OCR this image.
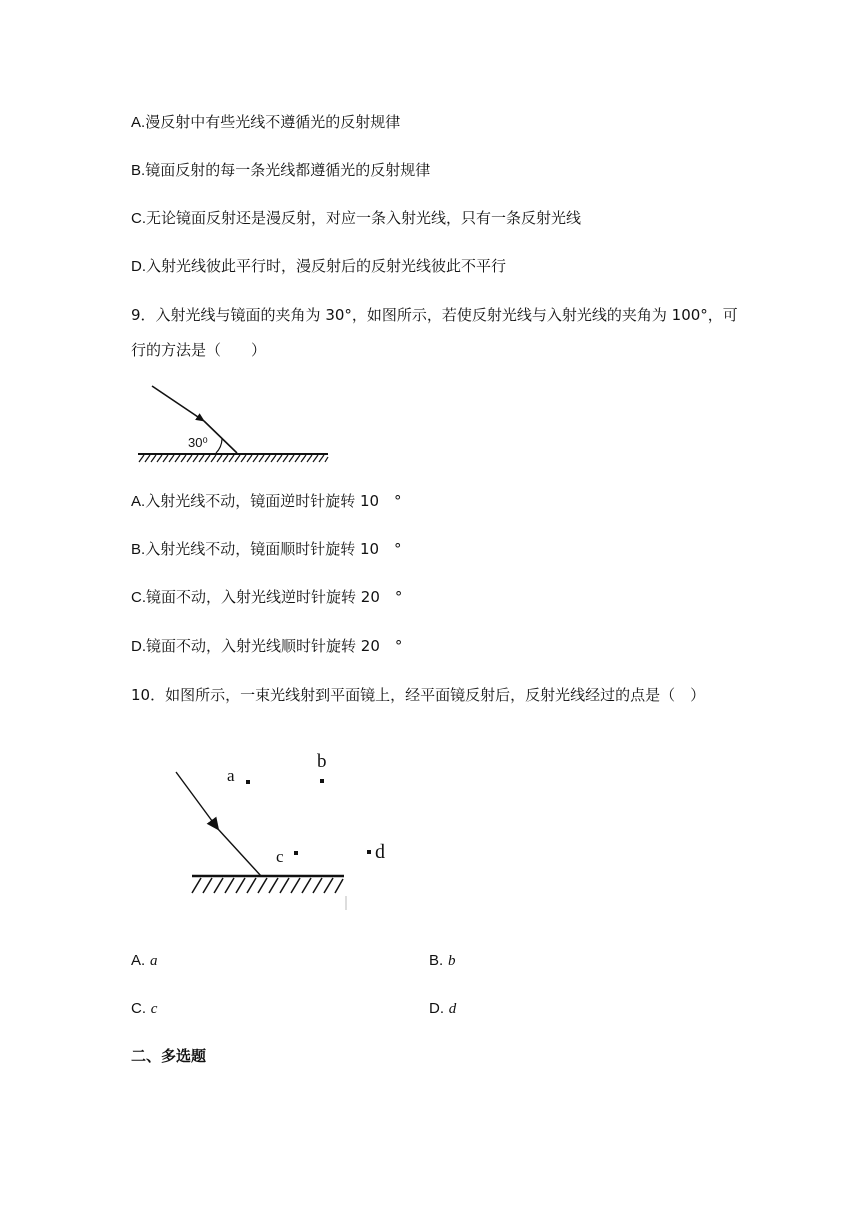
A.漫反射中有些光线不遵循光的反射规律
B.镜面反射的每一条光线都遵循光的反射规律
C.无论镜面反射还是漫反射，对应一条入射光线，只有一条反射光线
D.入射光线彼此平行时，漫反射后的反射光线彼此不平行
9．入射光线与镜面的夹角为 30°，如图所示，若使反射光线与入射光线的夹角为 100°，可
行的方法是（　　）
30⁰
A.入射光线不动，镜面逆时针旋转 10　°
B.入射光线不动，镜面顺时针旋转 10　°
C.镜面不动，入射光线逆时针旋转 20　°
D.镜面不动，入射光线顺时针旋转 20　°
10．如图所示，一束光线射到平面镜上，经平面镜反射后，反射光线经过的点是（　）
a
b
c	d
A. a	B. b
C. c	D. d
二、多选题
